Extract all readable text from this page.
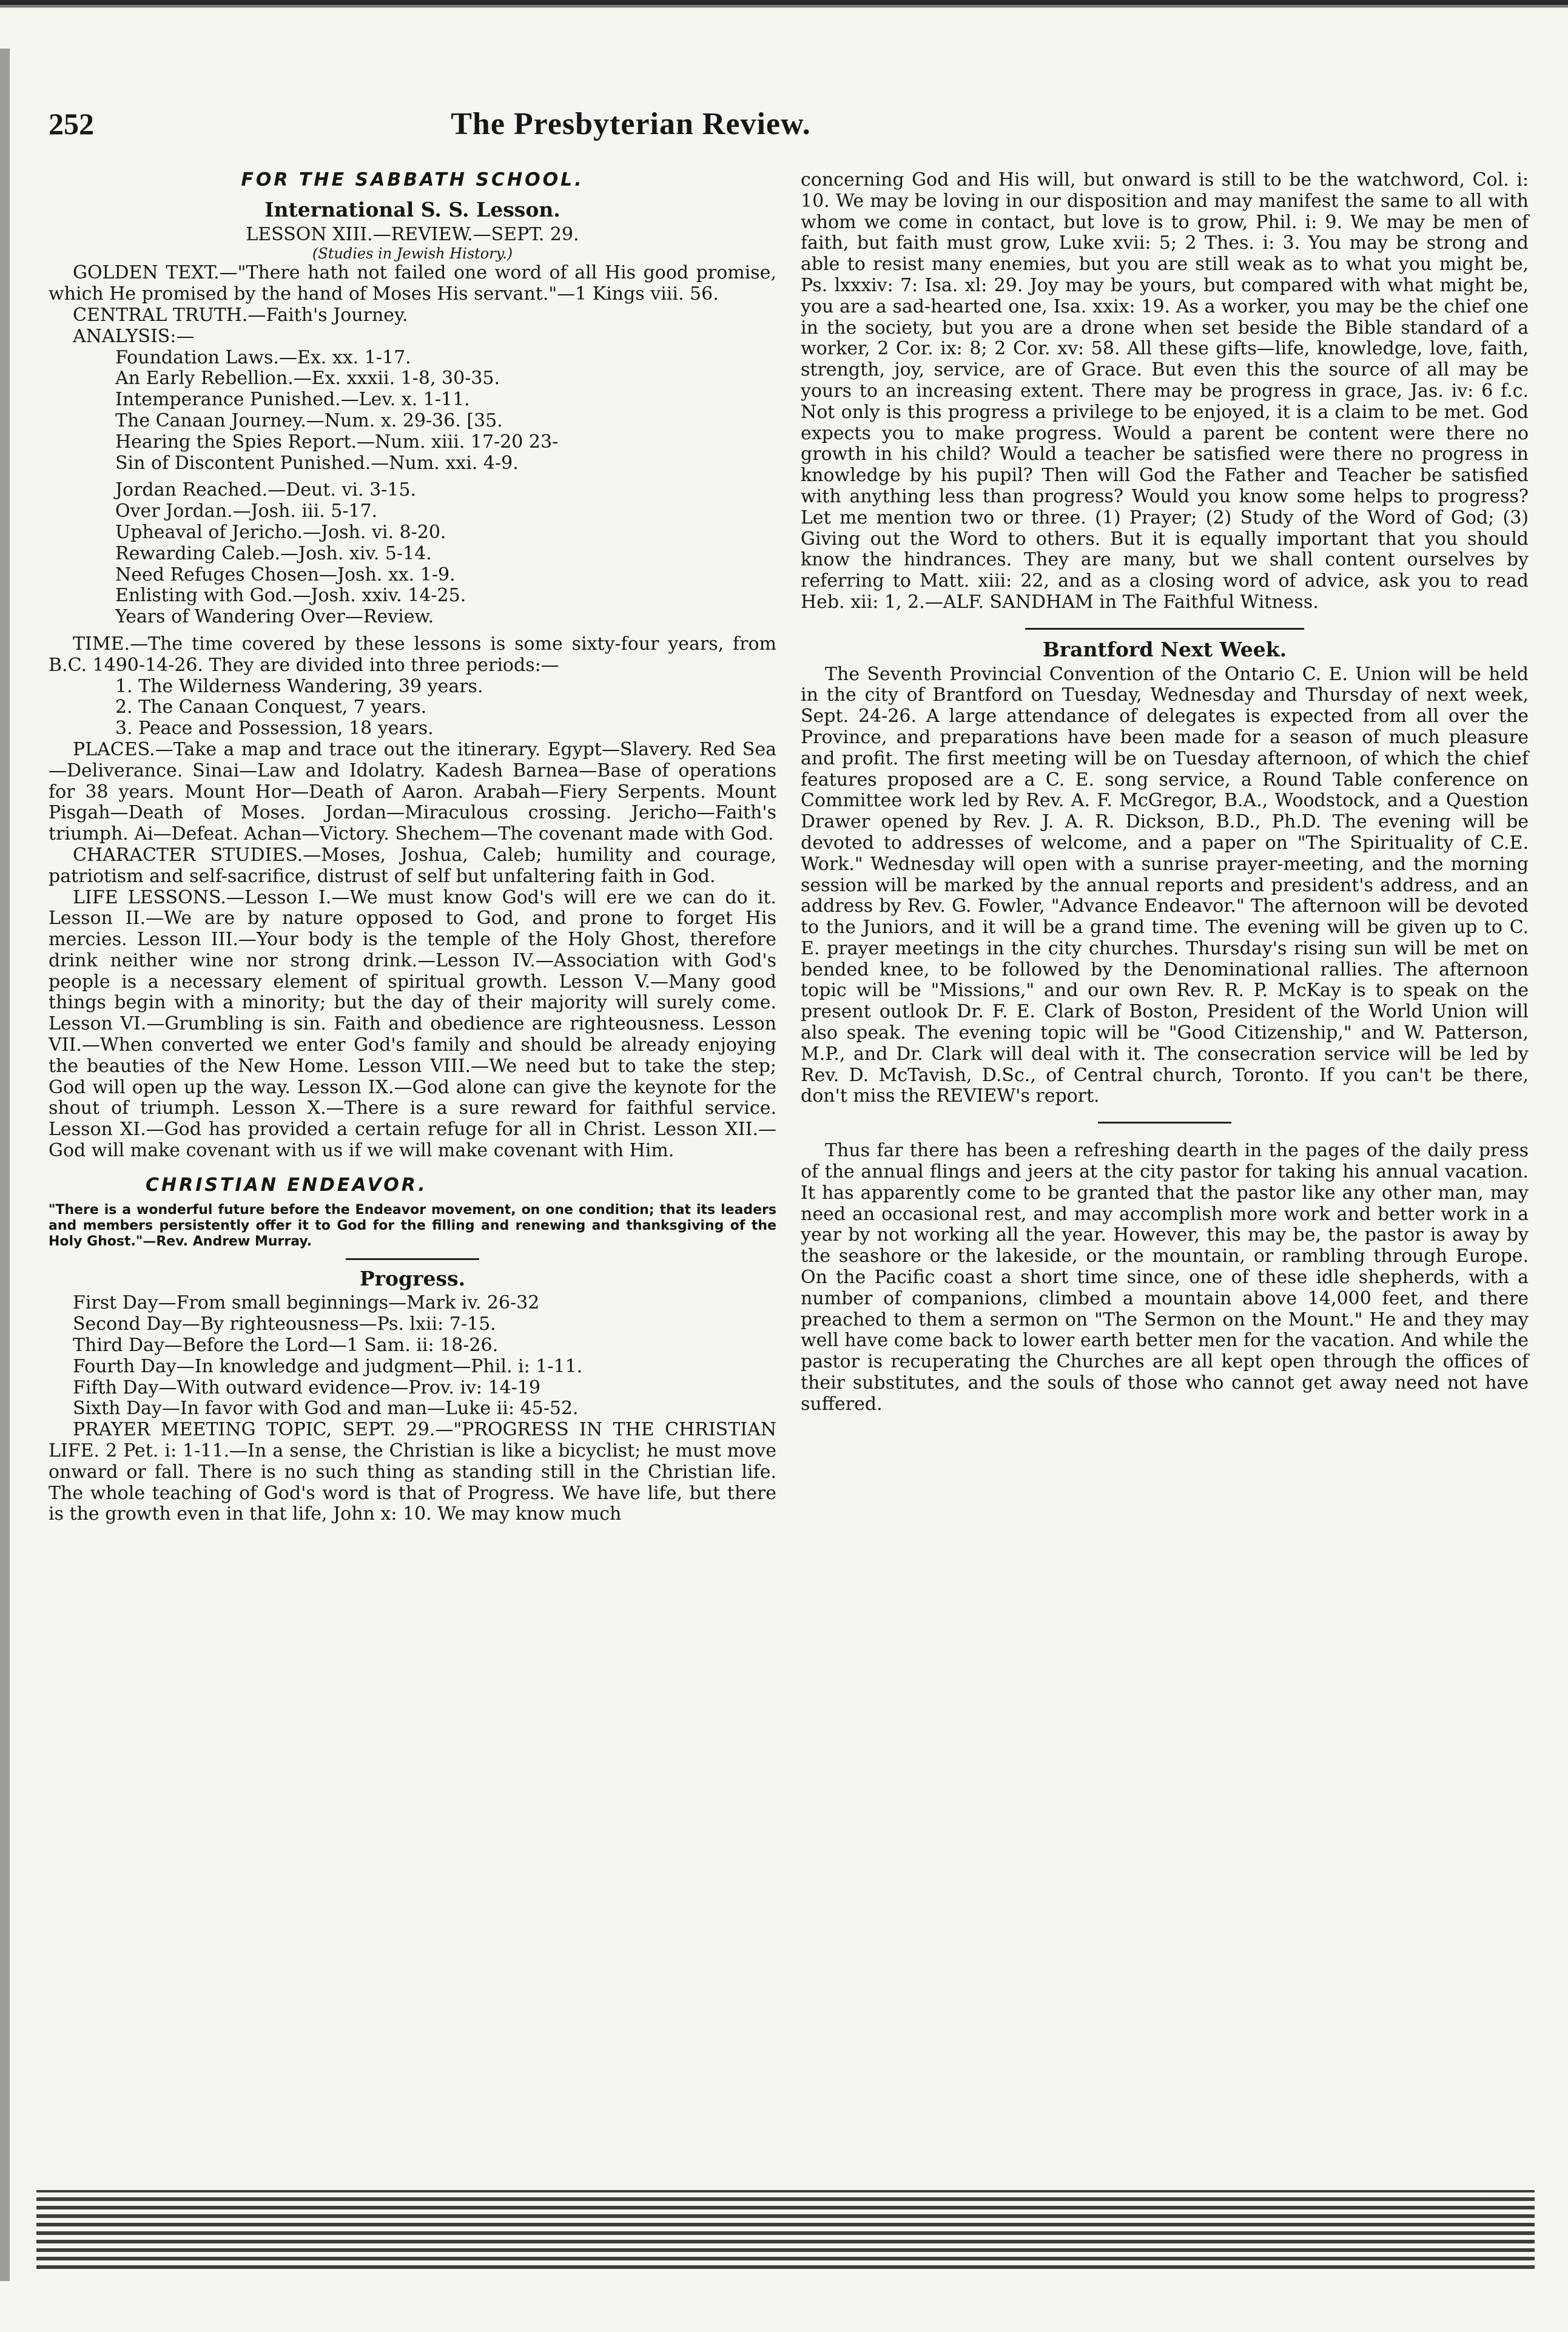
252	The Presbyterian Review.

FOR THE SABBATH SCHOOL.

International S. S. Lesson.

LESSON XIII.—REVIEW.—SEPT. 29.

(Studies in Jewish History.)

GOLDEN TEXT.—"There hath not failed one word of all His good promise, which He promised by the hand of Moses His servant."—1 Kings viii. 56.

CENTRAL TRUTH.—Faith's Journey.

ANALYSIS:—

Foundation Laws.—Ex. xx. 1-17.

An Early Rebellion.—Ex. xxxii. 1-8, 30-35.

Intemperance Punished.—Lev. x. 1-11.

The Canaan Journey.—Num. x. 29-36. [35.

Hearing the Spies Report.—Num. xiii. 17-20 23-

Sin of Discontent Punished.—Num. xxi. 4-9.

Jordan Reached.—Deut. vi. 3-15.

Over Jordan.—Josh. iii. 5-17.

Upheaval of Jericho.—Josh. vi. 8-20.

Rewarding Caleb.—Josh. xiv. 5-14.

Need Refuges Chosen—Josh. xx. 1-9.

Enlisting with God.—Josh. xxiv. 14-25.

Years of Wandering Over—Review.

TIME.—The time covered by these lessons is some sixty-four years, from B.C. 1490-14-26. They are divided into three periods:—

1. The Wilderness Wandering, 39 years.

2. The Canaan Conquest, 7 years.

3. Peace and Possession, 18 years.

PLACES.—Take a map and trace out the itinerary. Egypt—Slavery. Red Sea—Deliverance. Sinai—Law and Idolatry. Kadesh Barnea—Base of operations for 38 years. Mount Hor—Death of Aaron. Arabah—Fiery Serpents. Mount Pisgah—Death of Moses. Jordan—Miraculous crossing. Jericho—Faith's triumph. Ai—Defeat. Achan—Victory. Shechem—The covenant made with God.

CHARACTER STUDIES.—Moses, Joshua, Caleb; humility and courage, patriotism and self-sacrifice, distrust of self but unfaltering faith in God.

LIFE LESSONS.—Lesson I.—We must know God's will ere we can do it. Lesson II.—We are by nature opposed to God, and prone to forget His mercies. Lesson III.—Your body is the temple of the Holy Ghost, therefore drink neither wine nor strong drink.—Lesson IV.—Association with God's people is a necessary element of spiritual growth. Lesson V.—Many good things begin with a minority; but the day of their majority will surely come. Lesson VI.—Grumbling is sin. Faith and obedience are righteousness. Lesson VII.—When converted we enter God's family and should be already enjoying the beauties of the New Home. Lesson VIII.—We need but to take the step; God will open up the way. Lesson IX.—God alone can give the keynote for the shout of triumph. Lesson X.—There is a sure reward for faithful service. Lesson XI.—God has provided a certain refuge for all in Christ. Lesson XII.—God will make covenant with us if we will make covenant with Him.

CHRISTIAN ENDEAVOR.

"There is a wonderful future before the Endeavor movement, on one condition; that its leaders and members persistently offer it to God for the filling and renewing and thanksgiving of the Holy Ghost."—Rev. Andrew Murray.

Progress.

First Day—From small beginnings—Mark iv. 26-32

Second Day—By righteousness—Ps. lxii: 7-15.

Third Day—Before the Lord—1 Sam. ii: 18-26.

Fourth Day—In knowledge and judgment—Phil. i: 1-11.

Fifth Day—With outward evidence—Prov. iv: 14-19

Sixth Day—In favor with God and man—Luke ii: 45-52.

PRAYER MEETING TOPIC, SEPT. 29.—"PROGRESS IN THE CHRISTIAN LIFE. 2 Pet. i: 1-11.—In a sense, the Christian is like a bicyclist; he must move onward or fall. There is no such thing as standing still in the Christian life. The whole teaching of God's word is that of Progress. We have life, but there is the growth even in that life, John x: 10. We may know much

concerning God and His will, but onward is still to be the watchword, Col. i: 10. We may be loving in our disposition and may manifest the same to all with whom we come in contact, but love is to grow, Phil. i: 9. We may be men of faith, but faith must grow, Luke xvii: 5; 2 Thes. i: 3. You may be strong and able to resist many enemies, but you are still weak as to what you might be, Ps. lxxxiv: 7: Isa. xl: 29. Joy may be yours, but compared with what might be, you are a sad-hearted one, Isa. xxix: 19. As a worker, you may be the chief one in the society, but you are a drone when set beside the Bible standard of a worker, 2 Cor. ix: 8; 2 Cor. xv: 58. All these gifts—life, knowledge, love, faith, strength, joy, service, are of Grace. But even this the source of all may be yours to an increasing extent. There may be progress in grace, Jas. iv: 6 f.c. Not only is this progress a privilege to be enjoyed, it is a claim to be met. God expects you to make progress. Would a parent be content were there no growth in his child? Would a teacher be satisfied were there no progress in knowledge by his pupil? Then will God the Father and Teacher be satisfied with anything less than progress? Would you know some helps to progress? Let me mention two or three. (1) Prayer; (2) Study of the Word of God; (3) Giving out the Word to others. But it is equally important that you should know the hindrances. They are many, but we shall content ourselves by referring to Matt. xiii: 22, and as a closing word of advice, ask you to read Heb. xii: 1, 2.—ALF. SANDHAM in The Faithful Witness.

Brantford Next Week.

The Seventh Provincial Convention of the Ontario C. E. Union will be held in the city of Brantford on Tuesday, Wednesday and Thursday of next week, Sept. 24-26. A large attendance of delegates is expected from all over the Province, and preparations have been made for a season of much pleasure and profit. The first meeting will be on Tuesday afternoon, of which the chief features proposed are a C. E. song service, a Round Table conference on Committee work led by Rev. A. F. McGregor, B.A., Woodstock, and a Question Drawer opened by Rev. J. A. R. Dickson, B.D., Ph.D. The evening will be devoted to addresses of welcome, and a paper on "The Spirituality of C.E. Work." Wednesday will open with a sunrise prayer-meeting, and the morning session will be marked by the annual reports and president's address, and an address by Rev. G. Fowler, "Advance Endeavor." The afternoon will be devoted to the Juniors, and it will be a grand time. The evening will be given up to C. E. prayer meetings in the city churches. Thursday's rising sun will be met on bended knee, to be followed by the Denominational rallies. The afternoon topic will be "Missions," and our own Rev. R. P. McKay is to speak on the present outlook Dr. F. E. Clark of Boston, President of the World Union will also speak. The evening topic will be "Good Citizenship," and W. Patterson, M.P., and Dr. Clark will deal with it. The consecration service will be led by Rev. D. McTavish, D.Sc., of Central church, Toronto. If you can't be there, don't miss the REVIEW's report.

Thus far there has been a refreshing dearth in the pages of the daily press of the annual flings and jeers at the city pastor for taking his annual vacation. It has apparently come to be granted that the pastor like any other man, may need an occasional rest, and may accomplish more work and better work in a year by not working all the year. However, this may be, the pastor is away by the seashore or the lakeside, or the mountain, or rambling through Europe. On the Pacific coast a short time since, one of these idle shepherds, with a number of companions, climbed a mountain above 14,000 feet, and there preached to them a sermon on "The Sermon on the Mount." He and they may well have come back to lower earth better men for the vacation. And while the pastor is recuperating the Churches are all kept open through the offices of their substitutes, and the souls of those who cannot get away need not have suffered.
